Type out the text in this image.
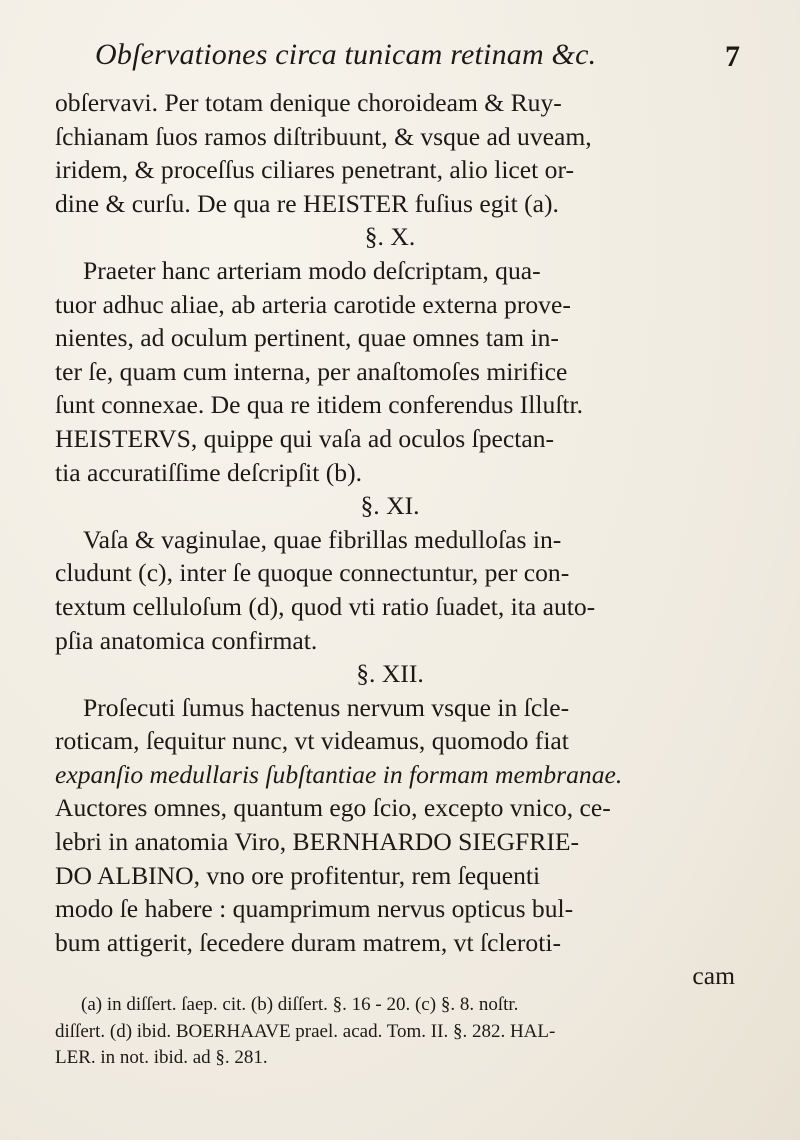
Obſervationes circa tunicam retinam &c.	7
obſervavi. Per totam denique choroideam & Ruy-
ſchianam ſuos ramos diſtribuunt, & vsque ad uveam,
iridem, & proceſſus ciliares penetrant, alio licet or-
dine & curſu. De qua re HEISTER fuſius egit (a).
§. X.
Praeter hanc arteriam modo deſcriptam, qua-
tuor adhuc aliae, ab arteria carotide externa prove-
nientes, ad oculum pertinent, quae omnes tam in-
ter ſe, quam cum interna, per anaſtomoſes mirifice
ſunt connexae. De qua re itidem conferendus Illuſtr.
HEISTERVS, quippe qui vaſa ad oculos ſpectan-
tia accuratiſſime deſcripſit (b).
§. XI.
Vaſa & vaginulae, quae fibrillas medulloſas in-
cludunt (c), inter ſe quoque connectuntur, per con-
textum celluloſum (d), quod vti ratio ſuadet, ita auto-
pſia anatomica confirmat.
§. XII.
Proſecuti ſumus hactenus nervum vsque in ſcle-
roticam, ſequitur nunc, vt videamus, quomodo fiat
expanſio medullaris ſubſtantiae in formam membranae.
Auctores omnes, quantum ego ſcio, excepto vnico, ce-
lebri in anatomia Viro, BERNHARDO SIEGFRIE-
DO ALBINO, vno ore profitentur, rem ſequenti
modo ſe habere : quamprimum nervus opticus bul-
bum attigerit, ſecedere duram matrem, vt ſcleroti-
cam
(a) in diſſert. ſaep. cit. (b) diſſert. §. 16 - 20. (c) §. 8. noſtr.
diſſert. (d) ibid. BOERHAAVE prael. acad. Tom. II. §. 282. HAL-
LER. in not. ibid. ad §. 281.
